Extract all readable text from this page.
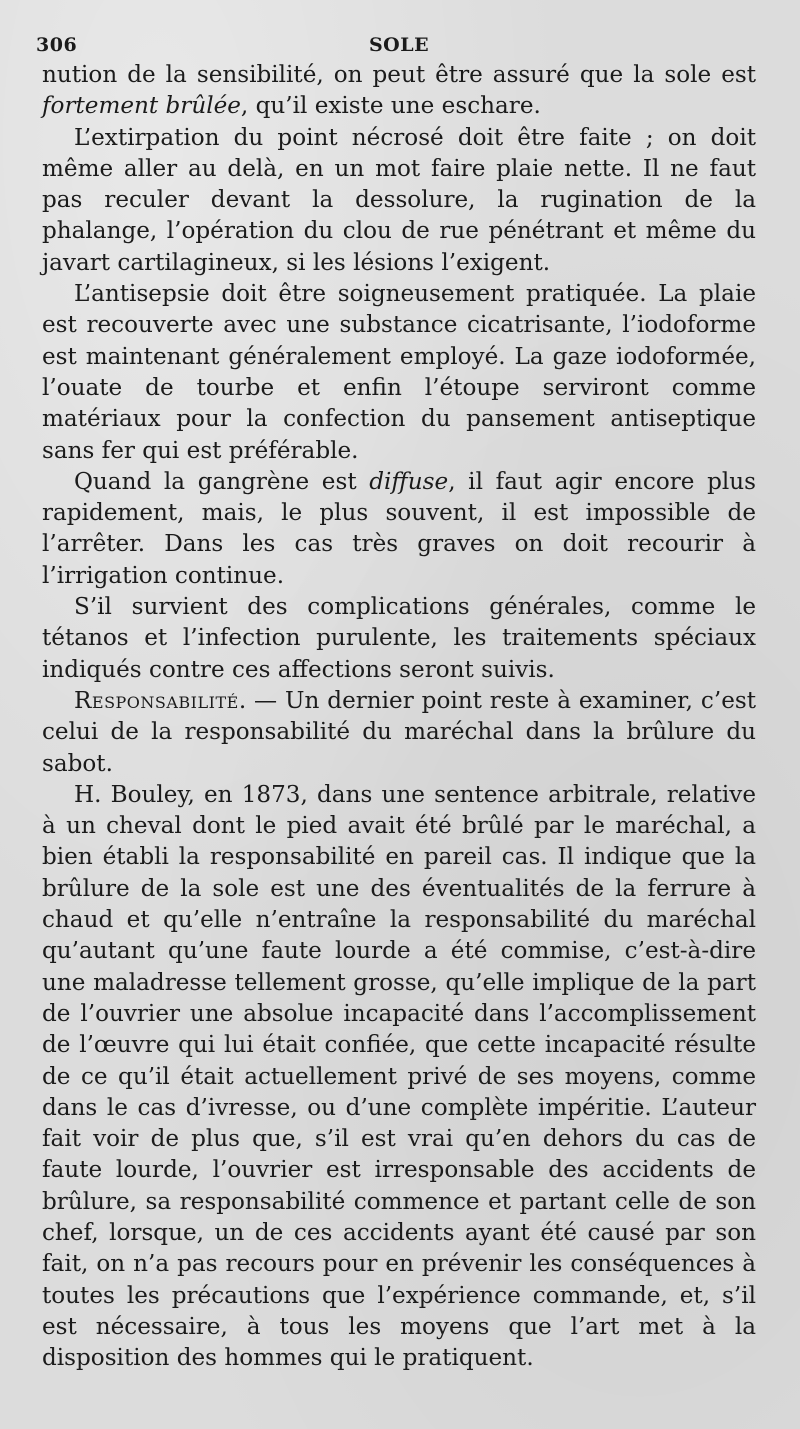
306	SOLE

nution de la sensibilité, on peut être assuré que la sole est fortement brûlée, qu’il existe une eschare.

L’extirpation du point nécrosé doit être faite ; on doit même aller au delà, en un mot faire plaie nette. Il ne faut pas reculer devant la dessolure, la rugination de la phalange, l’opération du clou de rue pénétrant et même du javart cartilagineux, si les lésions l’exigent.

L’antisepsie doit être soigneusement pratiquée. La plaie est recouverte avec une substance cicatrisante, l’iodoforme est maintenant généralement employé. La gaze iodoformée, l’ouate de tourbe et enfin l’étoupe serviront comme matériaux pour la confection du pansement antiseptique sans fer qui est préférable.

Quand la gangrène est diffuse, il faut agir encore plus rapidement, mais, le plus souvent, il est impossible de l’arrêter. Dans les cas très graves on doit recourir à l’irrigation continue.

S’il survient des complications générales, comme le tétanos et l’infection purulente, les traitements spéciaux indiqués contre ces affections seront suivis.

Responsabilité. — Un dernier point reste à examiner, c’est celui de la responsabilité du maréchal dans la brûlure du sabot.

H. Bouley, en 1873, dans une sentence arbitrale, relative à un cheval dont le pied avait été brûlé par le maréchal, a bien établi la responsabilité en pareil cas. Il indique que la brûlure de la sole est une des éventualités de la ferrure à chaud et qu’elle n’entraîne la responsabilité du maréchal qu’autant qu’une faute lourde a été commise, c’est-à-dire une maladresse tellement grosse, qu’elle implique de la part de l’ouvrier une absolue incapacité dans l’accomplissement de l’œuvre qui lui était confiée, que cette incapacité résulte de ce qu’il était actuellement privé de ses moyens, comme dans le cas d’ivresse, ou d’une complète impéritie. L’auteur fait voir de plus que, s’il est vrai qu’en dehors du cas de faute lourde, l’ouvrier est irresponsable des accidents de brûlure, sa responsabilité commence et partant celle de son chef, lorsque, un de ces accidents ayant été causé par son fait, on n’a pas recours pour en prévenir les conséquences à toutes les précautions que l’expérience commande, et, s’il est nécessaire, à tous les moyens que l’art met à la disposition des hommes qui le pratiquent.
